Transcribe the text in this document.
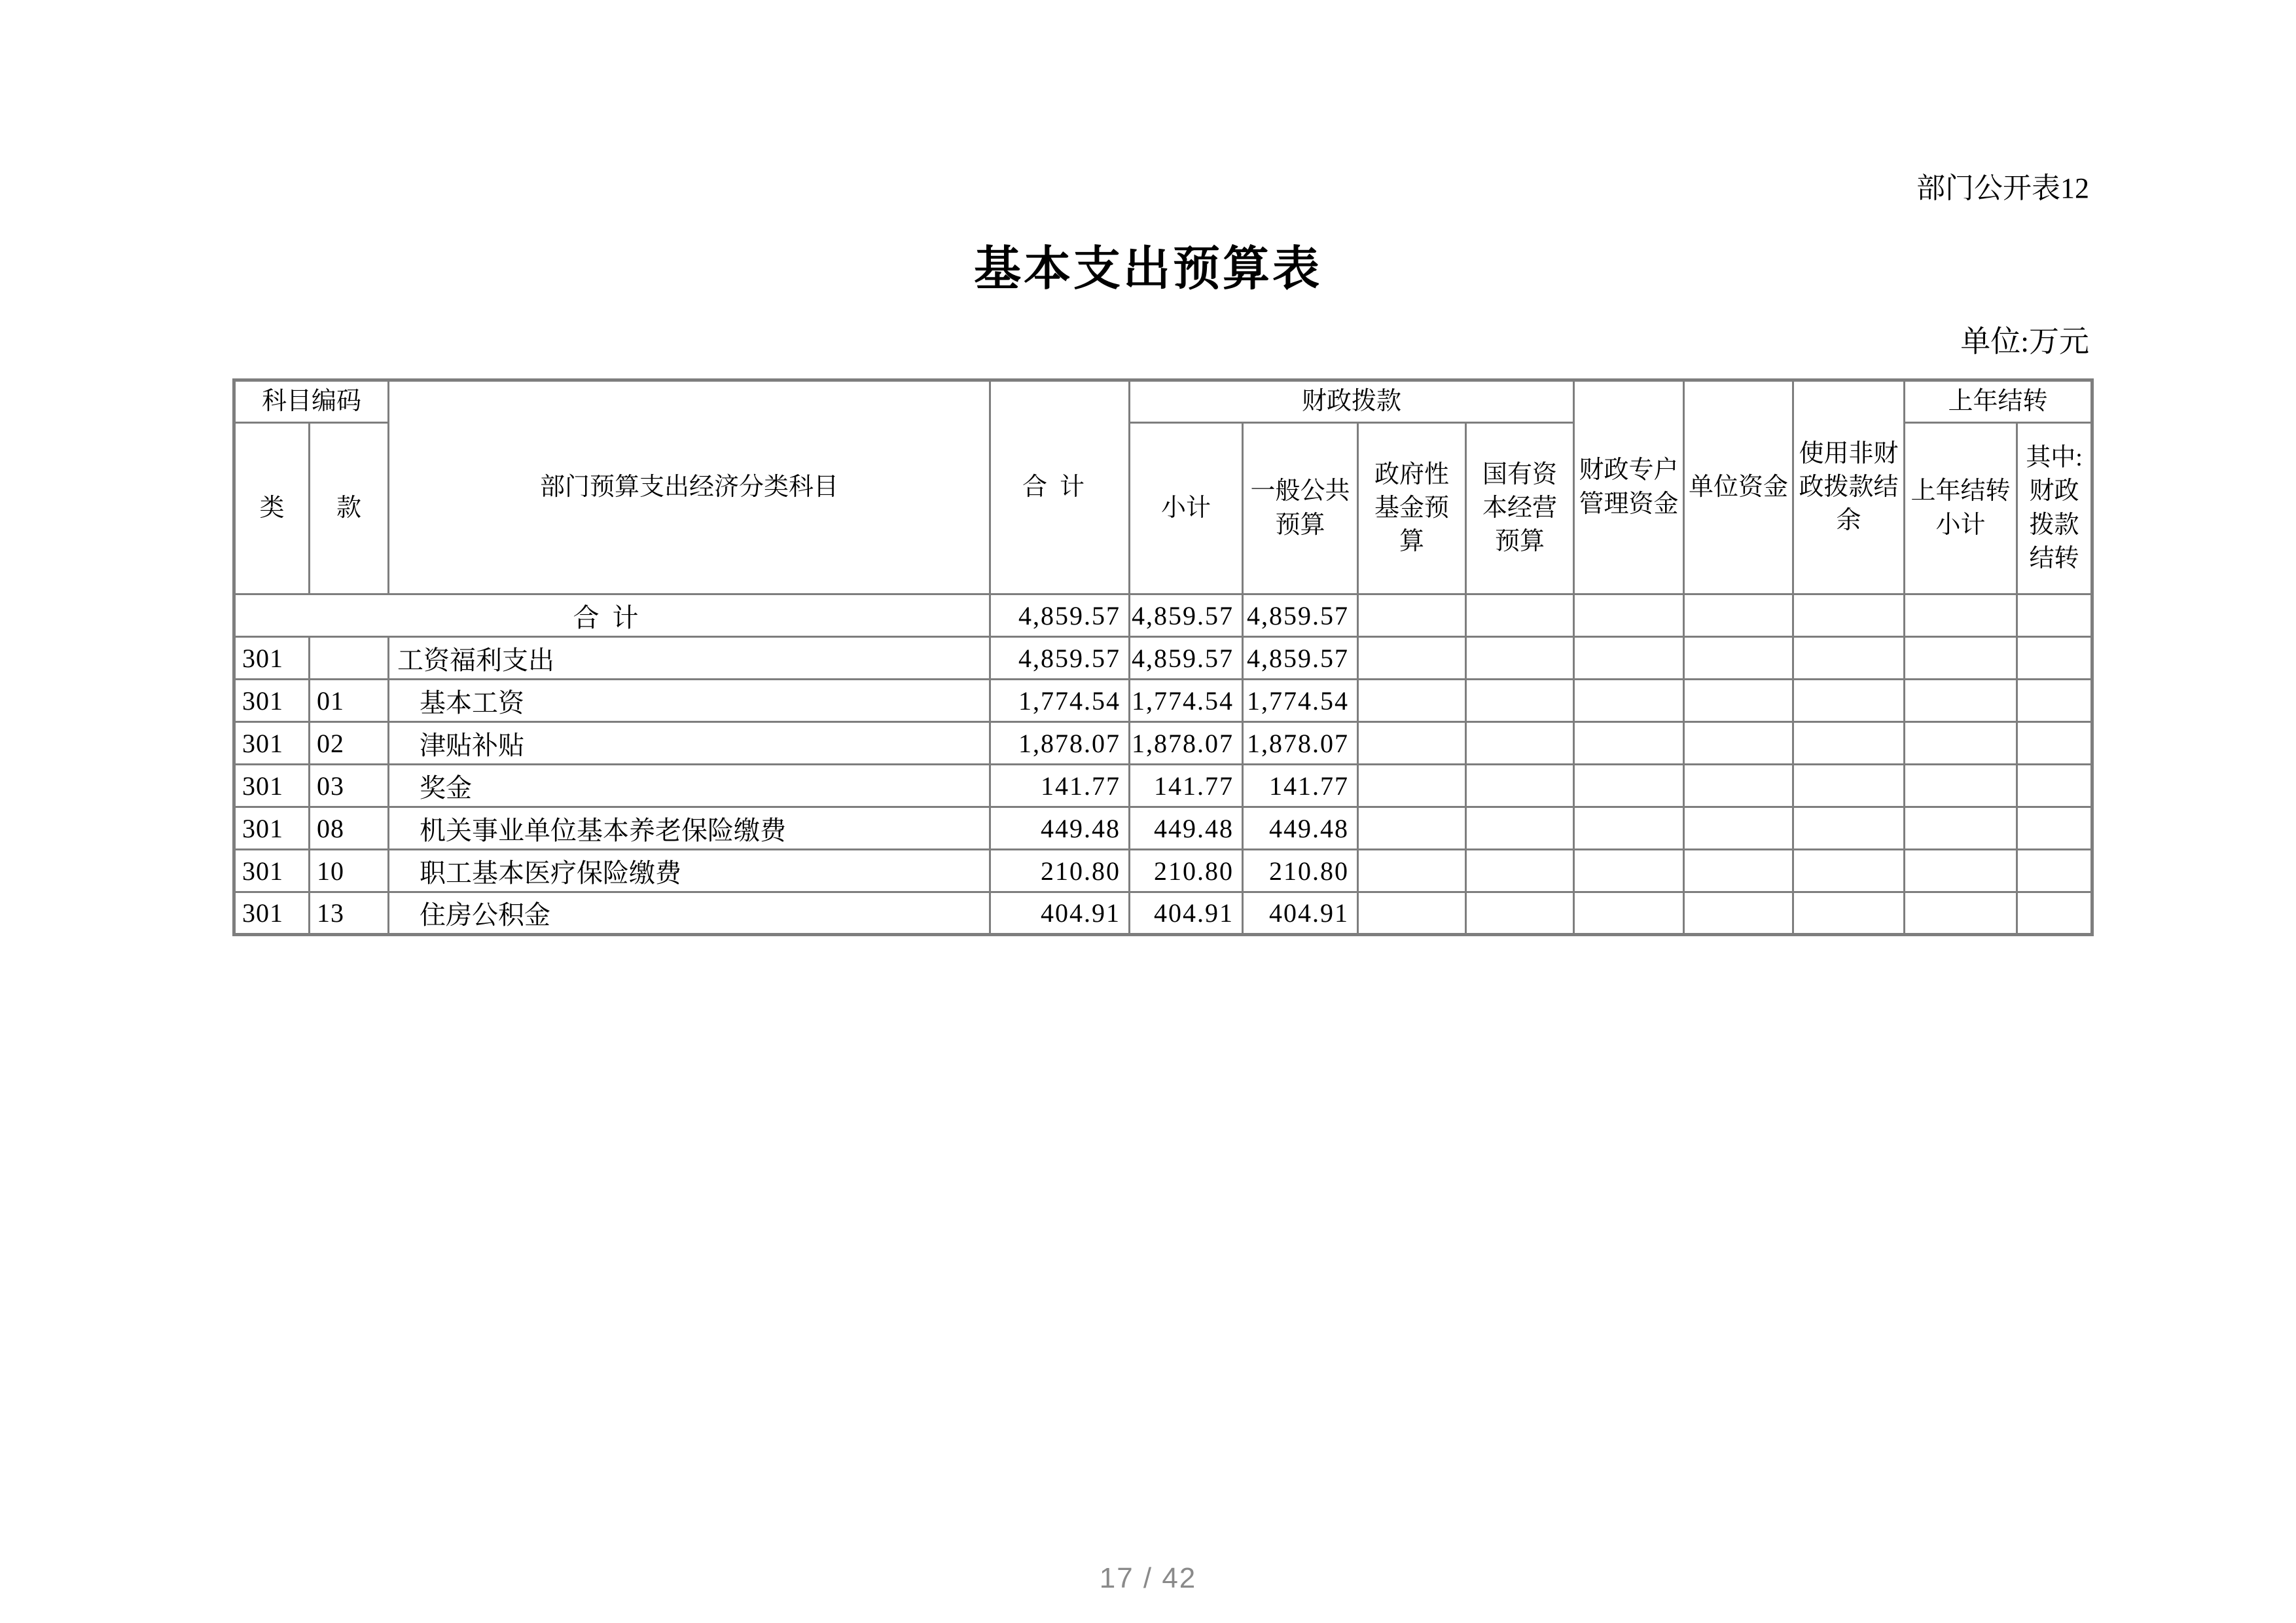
部门公开表12
基本支出预算表
单位:万元
科目编码		部门预算支出经济分类科目	合计	财政拨款				财政专户管理资金	单位资金	使用非财政拨款结余	上年结转	
类	款			小计	一般公共预算	政府性基金预算	国有资本经营预算				上年结转小计	其中:财政拨款结转
合计			4,859.57	4,859.57	4,859.57							
301		工资福利支出	4,859.57	4,859.57	4,859.57							
301	01	基本工资	1,774.54	1,774.54	1,774.54							
301	02	津贴补贴	1,878.07	1,878.07	1,878.07							
301	03	奖金	141.77	141.77	141.77							
301	08	机关事业单位基本养老保险缴费	449.48	449.48	449.48							
301	10	职工基本医疗保险缴费	210.80	210.80	210.80							
301	13	住房公积金	404.91	404.91	404.91							
17 / 42
